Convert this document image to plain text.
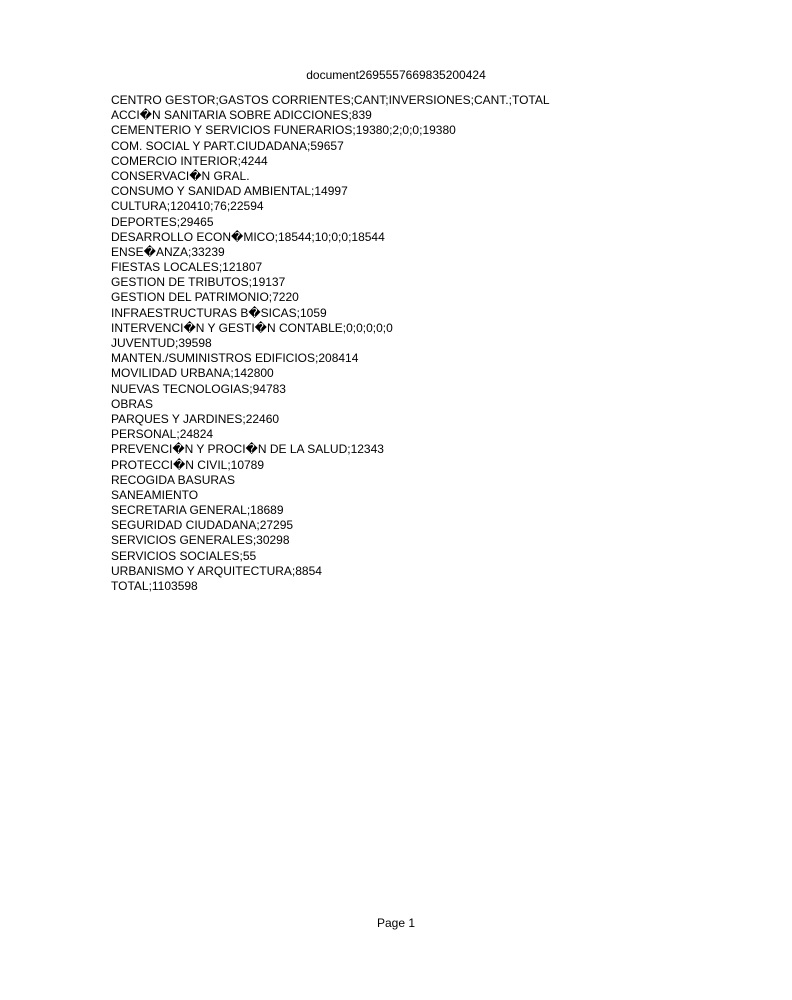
document2695557669835200424
CENTRO GESTOR;GASTOS CORRIENTES;CANT;INVERSIONES;CANT.;TOTAL
ACCI�N SANITARIA SOBRE ADICCIONES;839
CEMENTERIO Y SERVICIOS FUNERARIOS;19380;2;0;0;19380
COM. SOCIAL Y PART.CIUDADANA;59657
COMERCIO INTERIOR;4244
CONSERVACI�N GRAL.
CONSUMO Y SANIDAD AMBIENTAL;14997
CULTURA;120410;76;22594
DEPORTES;29465
DESARROLLO ECON�MICO;18544;10;0;0;18544
ENSE�ANZA;33239
FIESTAS LOCALES;121807
GESTION DE TRIBUTOS;19137
GESTION DEL PATRIMONIO;7220
INFRAESTRUCTURAS B�SICAS;1059
INTERVENCI�N Y GESTI�N CONTABLE;0;0;0;0;0
JUVENTUD;39598
MANTEN./SUMINISTROS EDIFICIOS;208414
MOVILIDAD URBANA;142800
NUEVAS TECNOLOGIAS;94783
OBRAS
PARQUES Y JARDINES;22460
PERSONAL;24824
PREVENCI�N Y PROCI�N DE LA SALUD;12343
PROTECCI�N CIVIL;10789
RECOGIDA BASURAS
SANEAMIENTO
SECRETARIA GENERAL;18689
SEGURIDAD CIUDADANA;27295
SERVICIOS GENERALES;30298
SERVICIOS SOCIALES;55
URBANISMO Y ARQUITECTURA;8854
TOTAL;1103598
Page 1
